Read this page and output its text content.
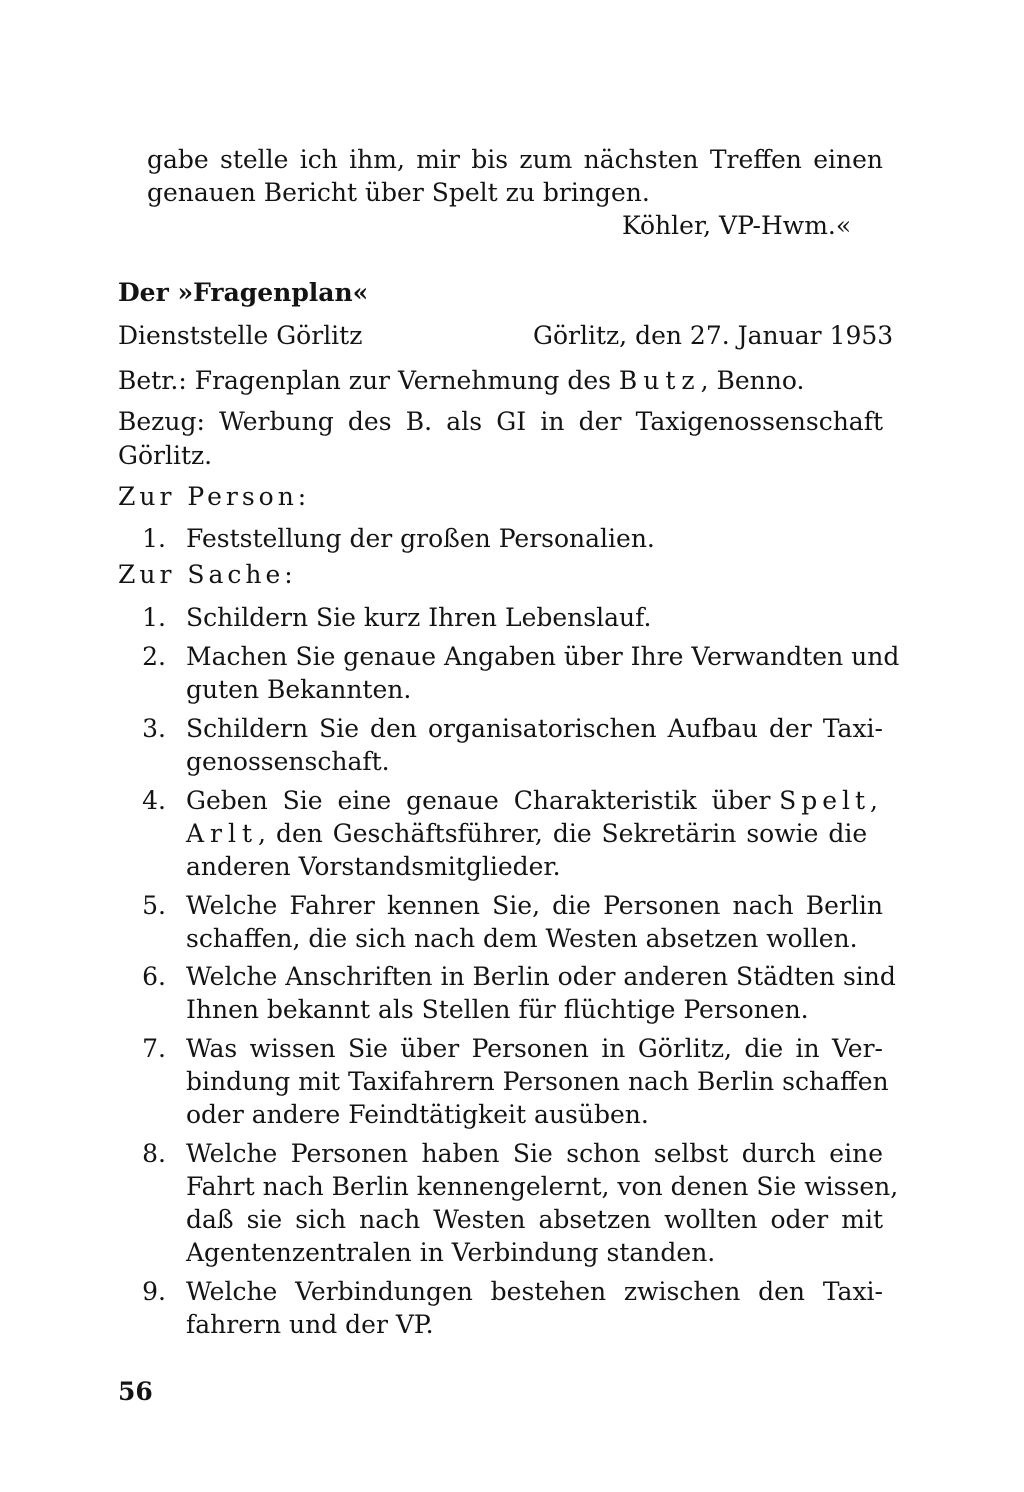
gabe stelle ich ihm, mir bis zum nächsten Treffen einen
genauen Bericht über Spelt zu bringen.
Köhler, VP-Hwm.«
Der »Fragenplan«
Dienststelle Görlitz	Görlitz, den 27. Januar 1953
Betr.: Fragenplan zur Vernehmung des Butz, Benno.
Bezug: Werbung des B. als GI in der Taxigenossenschaft
Görlitz.
Zur Person:
1. Feststellung der großen Personalien.
Zur Sache:
1. Schildern Sie kurz Ihren Lebenslauf.
2. Machen Sie genaue Angaben über Ihre Verwandten und
guten Bekannten.
3. Schildern Sie den organisatorischen Aufbau der Taxi-
genossenschaft.
4. Geben Sie eine genaue Charakteristik über Spelt,
Arlt , den Geschäftsführer, die Sekretärin sowie die
anderen Vorstandsmitglieder.
5. Welche Fahrer kennen Sie, die Personen nach Berlin
schaffen, die sich nach dem Westen absetzen wollen.
6. Welche Anschriften in Berlin oder anderen Städten sind
Ihnen bekannt als Stellen für flüchtige Personen.
7. Was wissen Sie über Personen in Görlitz, die in Ver-
bindung mit Taxifahrern Personen nach Berlin schaffen
oder andere Feindtätigkeit ausüben.
8. Welche Personen haben Sie schon selbst durch eine
Fahrt nach Berlin kennengelernt, von denen Sie wissen,
daß sie sich nach Westen absetzen wollten oder mit
Agentenzentralen in Verbindung standen.
9. Welche Verbindungen bestehen zwischen den Taxi-
fahrern und der VP.
56
